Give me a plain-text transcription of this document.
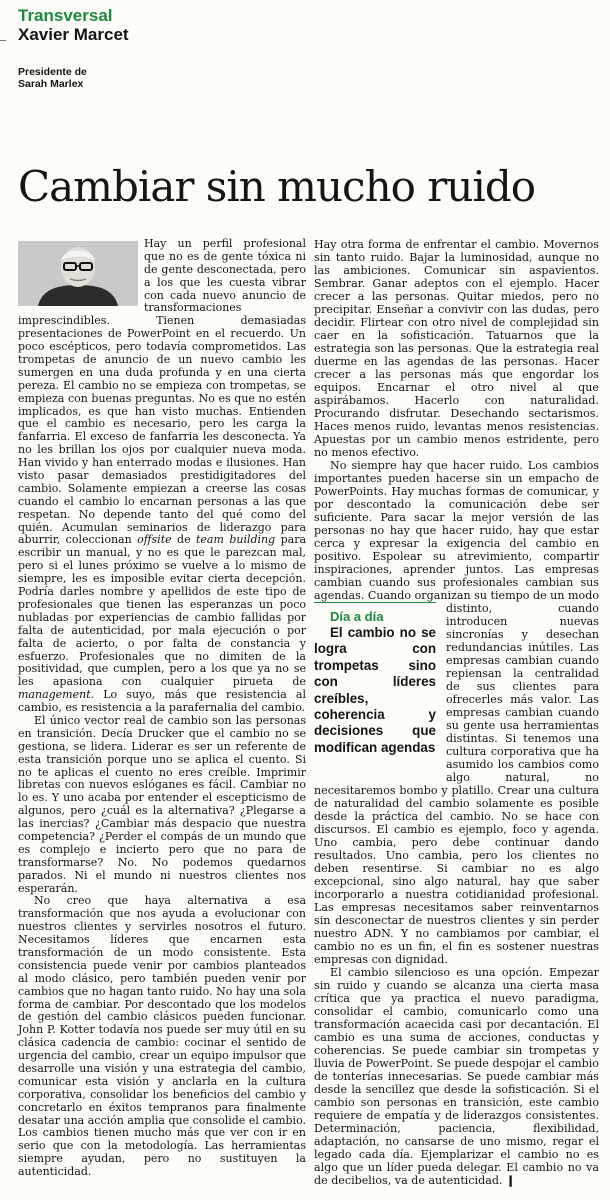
Transversal
Xavier Marcet
Presidente de
Sarah Marlex
Cambiar sin mucho ruido

Hay un perfil profesional que no es de gente tóxica ni de gente desconectada, pero a los que les cuesta vibrar con cada nuevo anuncio de transformaciones imprescindibles. Tienen demasiadas presentaciones de PowerPoint en el recuerdo. Un poco escépticos, pero todavía comprometidos. Las trompetas de anuncio de un nuevo cambio les sumergen en una duda profunda y en una cierta pereza. El cambio no se empieza con trompetas, se empieza con buenas preguntas. No es que no estén implicados, es que han visto muchas. Entienden que el cambio es necesario, pero les carga la fanfarria. El exceso de fanfarria les desconecta. Ya no les brillan los ojos por cualquier nueva moda. Han vivido y han enterrado modas e ilusiones. Han visto pasar demasiados prestidigitadores del cambio. Solamente empiezan a creerse las cosas cuando el cambio lo encarnan personas a las que respetan. No depende tanto del qué como del quién. Acumulan seminarios de liderazgo para aburrir, coleccionan offsite de team building para escribir un manual, y no es que le parezcan mal, pero si el lunes próximo se vuelve a lo mismo de siempre, les es imposible evitar cierta decepción. Podría darles nombre y apellidos de este tipo de profesionales que tienen las esperanzas un poco nubladas por experiencias de cambio fallidas por falta de autenticidad, por mala ejecución o por falta de acierto, o por falta de constancia y esfuerzo. Profesionales que no dimiten de la positividad, que cumplen, pero a los que ya no se les apasiona con cualquier pirueta de management. Lo suyo, más que resistencia al cambio, es resistencia a la parafernalia del cambio.

El único vector real de cambio son las personas en transición. Decía Drucker que el cambio no se gestiona, se lidera. Liderar es ser un referente de esta transición porque uno se aplica el cuento. Si no te aplicas el cuento no eres creíble. Imprimir libretas con nuevos eslóganes es fácil. Cambiar no lo es. Y uno acaba por entender el escepticismo de algunos, pero ¿cuál es la alternativa? ¿Plegarse a las inercias? ¿Cambiar más despacio que nuestra competencia? ¿Perder el compás de un mundo que es complejo e incierto pero que no para de transformarse? No. No podemos quedarnos parados. Ni el mundo ni nuestros clientes nos esperarán.

No creo que haya alternativa a esa transformación que nos ayuda a evolucionar con nuestros clientes y servirles nosotros el futuro. Necesitamos líderes que encarnen esta transformación de un modo consistente. Esta consistencia puede venir por cambios planteados al modo clásico, pero también pueden venir por cambios que no hagan tanto ruido. No hay una sola forma de cambiar. Por descontado que los modelos de gestión del cambio clásicos pueden funcionar. John P. Kotter todavía nos puede ser muy útil en su clásica cadencia de cambio: cocinar el sentido de urgencia del cambio, crear un equipo impulsor que desarrolle una visión y una estrategia del cambio, comunicar esta visión y anclarla en la cultura corporativa, consolidar los beneficios del cambio y concretarlo en éxitos tempranos para finalmente desatar una acción amplia que consolide el cambio. Los cambios tienen mucho más que ver con ir en serio que con la metodología. Las herramientas siempre ayudan, pero no sustituyen la autenticidad.

Hay otra forma de enfrentar el cambio. Movernos sin tanto ruido. Bajar la luminosidad, aunque no las ambiciones. Comunicar sin aspavientos. Sembrar. Ganar adeptos con el ejemplo. Hacer crecer a las personas. Quitar miedos, pero no precipitar. Enseñar a convivir con las dudas, pero decidir. Flirtear con otro nivel de complejidad sin caer en la sofisticación. Tatuarnos que la estrategia son las personas. Que la estrategia real duerme en las agendas de las personas. Hacer crecer a las personas más que engordar los equipos. Encarnar el otro nivel al que aspirábamos. Hacerlo con naturalidad. Procurando disfrutar. Desechando sectarismos. Haces menos ruido, levantas menos resistencias. Apuestas por un cambio menos estridente, pero no menos efectivo.

No siempre hay que hacer ruido. Los cambios importantes pueden hacerse sin un empacho de PowerPoints. Hay muchas formas de comunicar, y por descontado la comunicación debe ser suficiente. Para sacar la mejor versión de las personas no hay que hacer ruido, hay que estar cerca y expresar la exigencia del cambio en positivo. Espolear su atrevimiento, compartir inspiraciones, aprender juntos. Las empresas cambian cuando sus profesionales cambian sus agendas. Cuando organizan su tiempo de un modo
Día a día
El cambio no se logra con trompetas sino con líderes creíbles, coherencia y decisiones que modifican agendas
distinto, cuando introducen nuevas sincronías y desechan redundancias inútiles. Las empresas cambian cuando repiensan la centralidad de sus clientes para ofrecerles más valor. Las empresas cambian cuando su gente usa herramientas distintas. Si tenemos una cultura corporativa que ha asumido los cambios como algo natural, no necesitaremos bombo y platillo. Crear una cultura de naturalidad del cambio solamente es posible desde la práctica del cambio. No se hace con discursos. El cambio es ejemplo, foco y agenda. Uno cambia, pero debe continuar dando resultados. Uno cambia, pero los clientes no deben resentirse. Si cambiar no es algo excepcional, sino algo natural, hay que saber incorporarlo a nuestra cotidianidad profesional. Las empresas necesitamos saber reinventarnos sin desconectar de nuestros clientes y sin perder nuestro ADN. Y no cambiamos por cambiar, el cambio no es un fin, el fin es sostener nuestras empresas con dignidad.

El cambio silencioso es una opción. Empezar sin ruido y cuando se alcanza una cierta masa crítica que ya practica el nuevo paradigma, consolidar el cambio, comunicarlo como una transformación acaecida casi por decantación. El cambio es una suma de acciones, conductas y coherencias. Se puede cambiar sin trompetas y lluvia de PowerPoint. Se puede despojar el cambio de tonterías innecesarias. Se puede cambiar más desde la sencillez que desde la sofisticación. Si el cambio son personas en transición, este cambio requiere de empatía y de liderazgos consistentes. Determinación, paciencia, flexibilidad, adaptación, no cansarse de uno mismo, regar el legado cada día. Ejemplarizar el cambio no es algo que un líder pueda delegar. El cambio no va de decibelios, va de autenticidad. ❙
